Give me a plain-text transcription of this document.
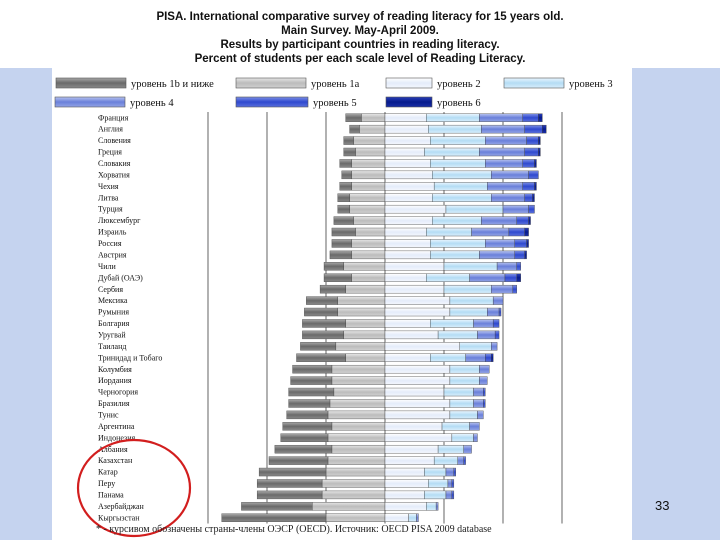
PISA. International comparative survey of reading literacy for 15 years old.
Main Survey. May-April 2009.
Results by participant countries in reading literacy.
Percent of students per each scale level of Reading Literacy.
уровень 1b и ниже	уровень 1a	уровень 2	уровень 3
уровень 4	уровень 5	уровень 6
Франция
Англия
Словения
Греция
Словакия
Хорватия
Чехия
Литва
Турция
Люксембург
Израиль
Россия
Австрия
Чили
Дубай (ОАЭ)
Сербия
Мексика
Румыния
Болгария
Уругвай
Таиланд
Тринидад и Тобаго
Колумбия
Иордания
Черногория
Бразилия
Тунис
Аргентина
Индонезия
Албания
Казахстан
Катар
Перу
Панама
Азербайджан
Кыргызстан
* - курсивом обозначены страны-члены ОЭСР (OECD). Источник: OECD PISA 2009 database
33
